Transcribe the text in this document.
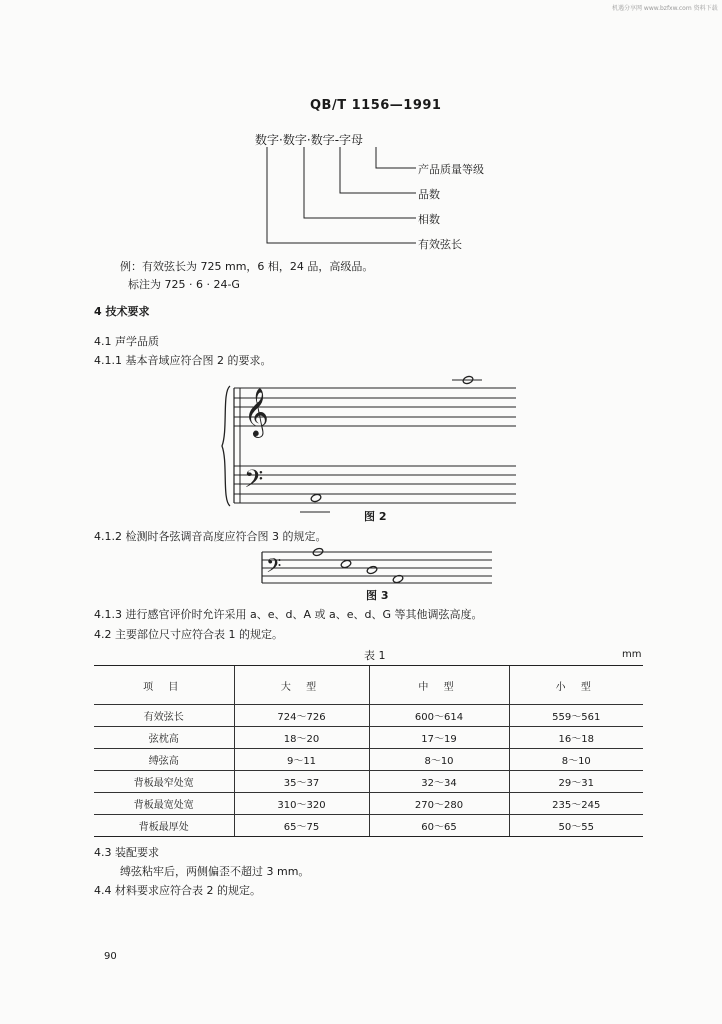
机遇分享网 www.bzfxw.com 资料下载
QB/T 1156—1991
数字·数字·数字-字母
产品质量等级
品数
相数
有效弦长
例：有效弦长为 725 mm，6 相，24 品，高级品。
标注为 725 · 6 · 24-G
4 技术要求
4.1 声学品质
4.1.1 基本音域应符合图 2 的要求。
𝄞
𝄢
图 2
4.1.2 检测时各弦调音高度应符合图 3 的规定。
𝄢
图 3
4.1.3 进行感官评价时允许采用 a、e、d、A 或 a、e、d、G 等其他调弦高度。
4.2 主要部位尺寸应符合表 1 的规定。
表 1	mm
项 目	大 型	中 型	小 型
有效弦长	724～726	600～614	559～561
弦枕高	18～20	17～19	16～18
缚弦高	9～11	8～10	8～10
背板最窄处宽	35～37	32～34	29～31
背板最宽处宽	310～320	270～280	235～245
背板最厚处	65～75	60～65	50～55
4.3 装配要求
缚弦粘牢后，两侧偏歪不超过 3 mm。
4.4 材料要求应符合表 2 的规定。
90
